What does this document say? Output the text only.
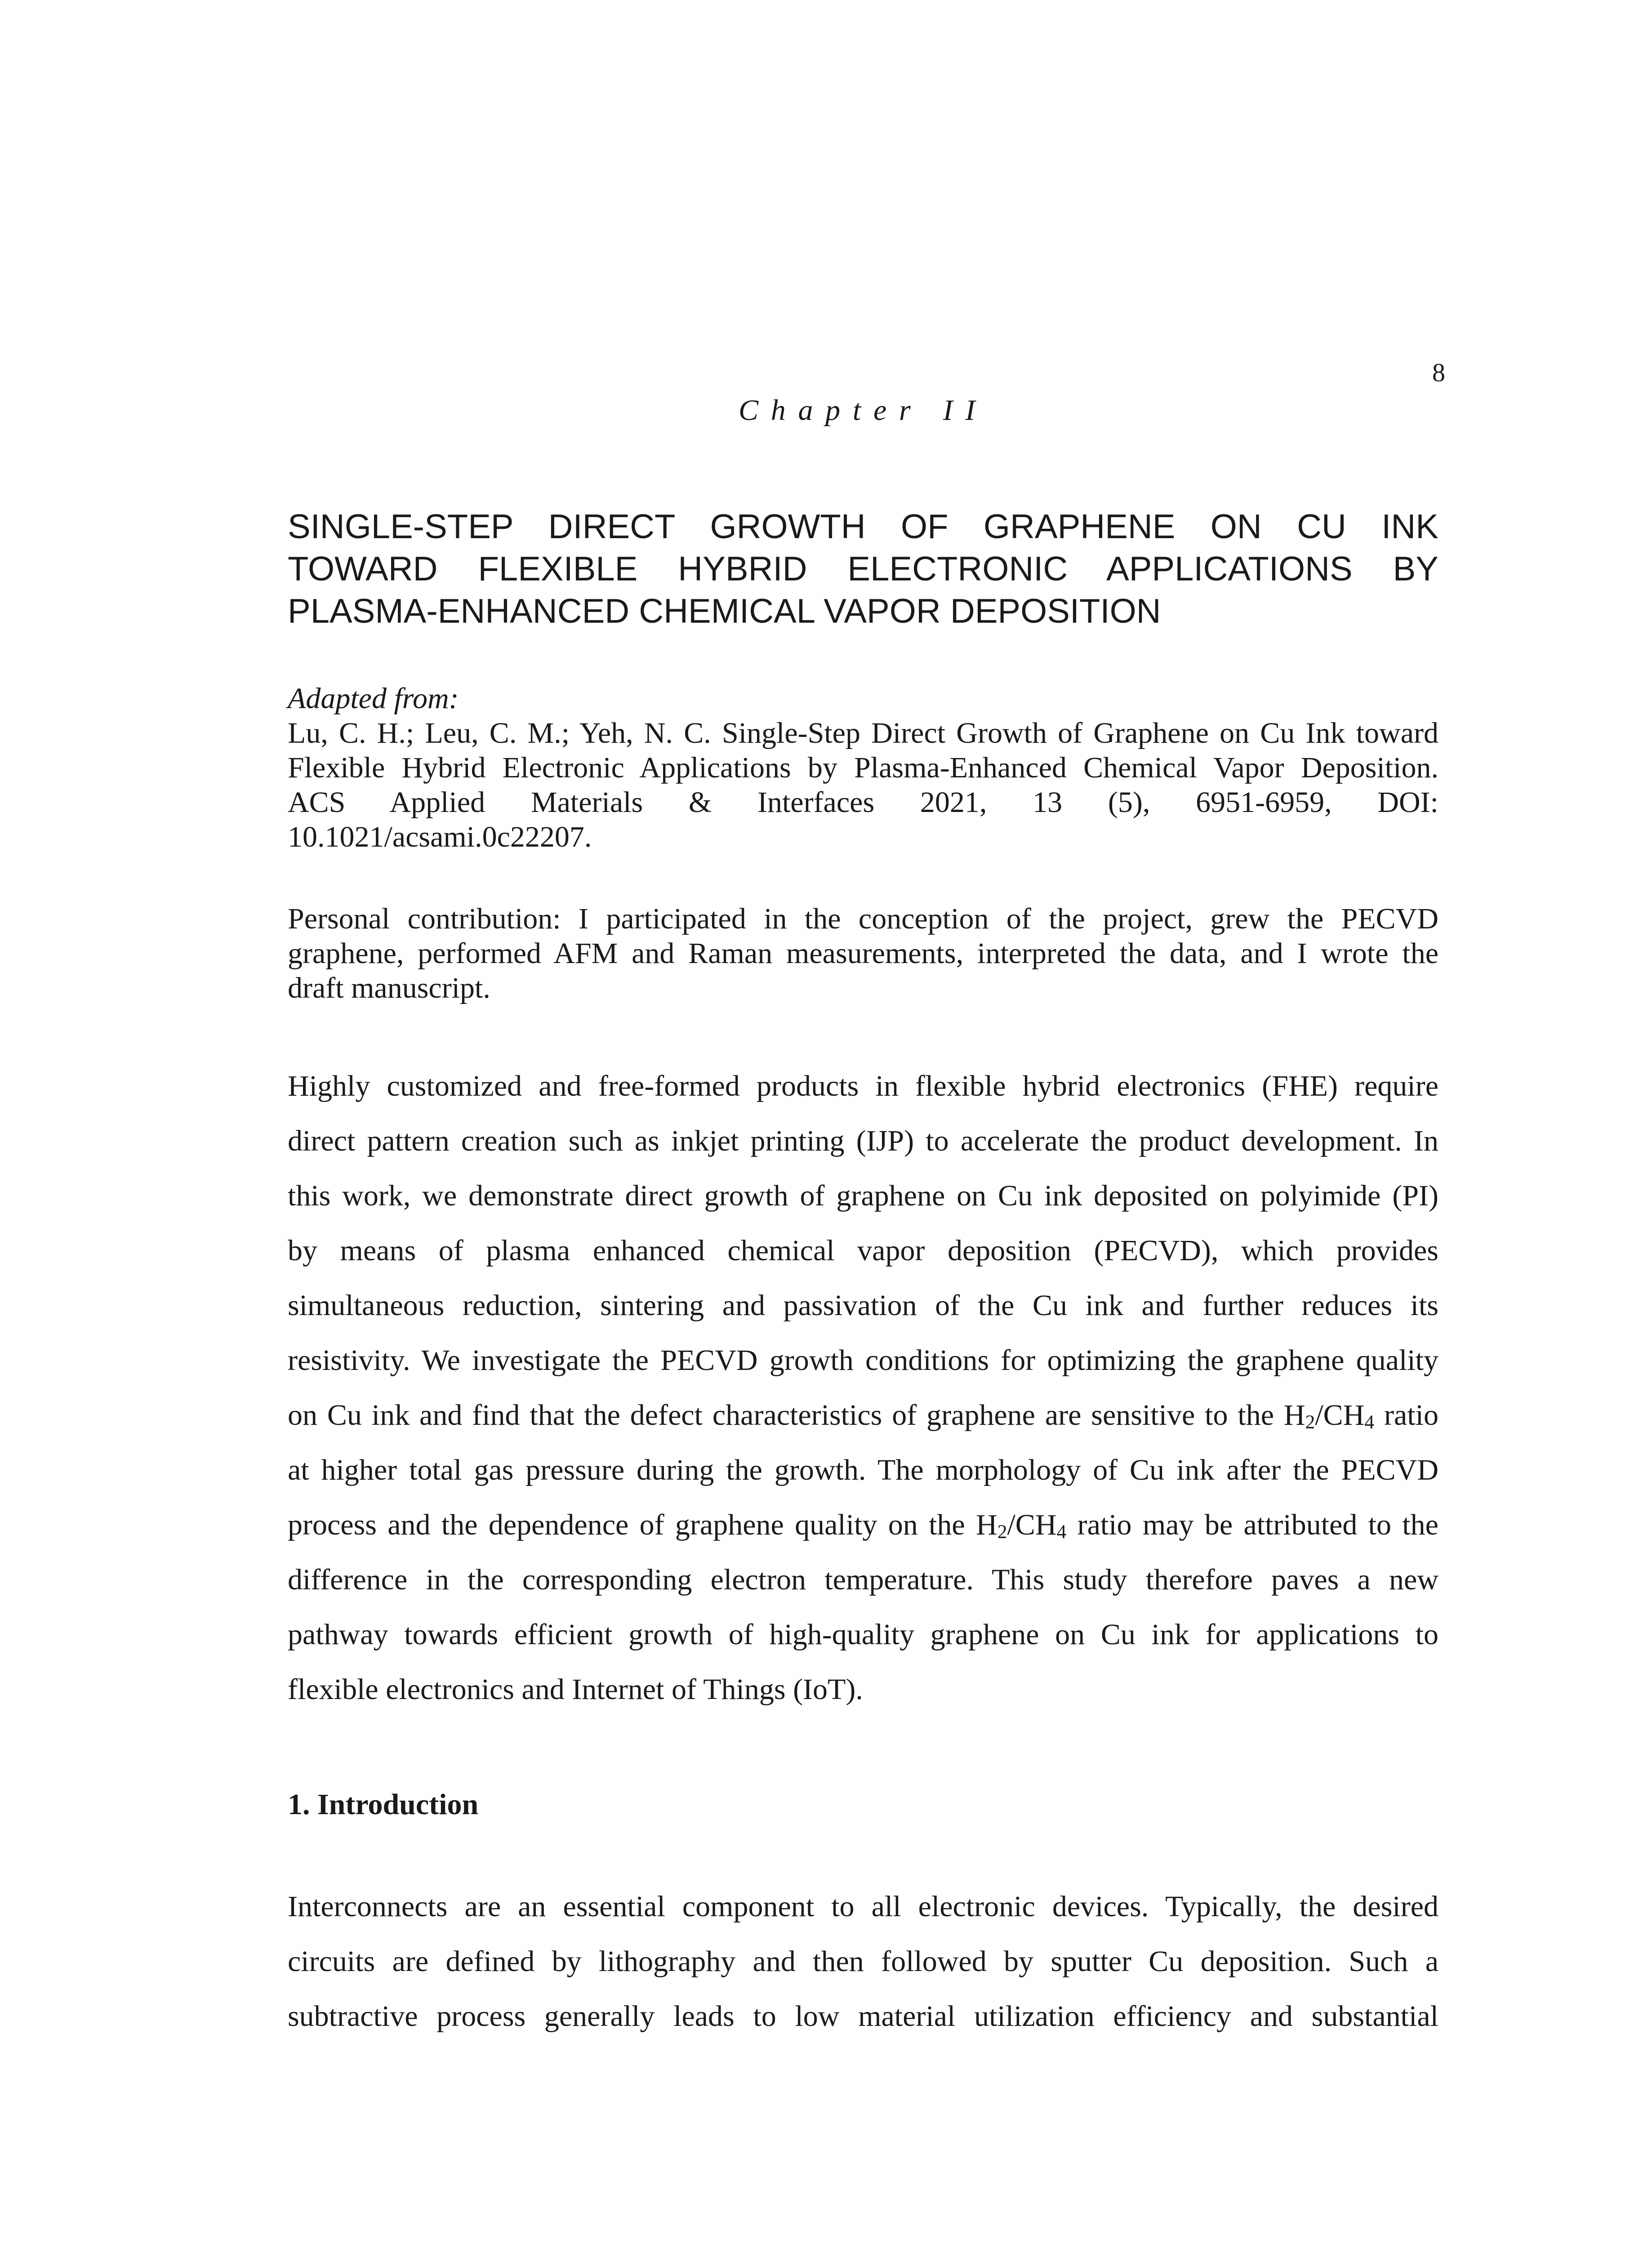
8
Chapter II
SINGLE-STEP DIRECT GROWTH OF GRAPHENE ON CU INK
TOWARD FLEXIBLE HYBRID ELECTRONIC APPLICATIONS BY
PLASMA-ENHANCED CHEMICAL VAPOR DEPOSITION
Adapted from:
Lu, C. H.; Leu, C. M.; Yeh, N. C. Single-Step Direct Growth of Graphene on Cu Ink toward
Flexible Hybrid Electronic Applications by Plasma-Enhanced Chemical Vapor Deposition.
ACS Applied Materials & Interfaces 2021, 13 (5), 6951-6959, DOI:
10.1021/acsami.0c22207.
Personal contribution: I participated in the conception of the project, grew the PECVD
graphene, performed AFM and Raman measurements, interpreted the data, and I wrote the
draft manuscript.
Highly customized and free-formed products in flexible hybrid electronics (FHE) require
direct pattern creation such as inkjet printing (IJP) to accelerate the product development. In
this work, we demonstrate direct growth of graphene on Cu ink deposited on polyimide (PI)
by means of plasma enhanced chemical vapor deposition (PECVD), which provides
simultaneous reduction, sintering and passivation of the Cu ink and further reduces its
resistivity. We investigate the PECVD growth conditions for optimizing the graphene quality
on Cu ink and find that the defect characteristics of graphene are sensitive to the $H_2/CH_4$ ratio
at higher total gas pressure during the growth. The morphology of Cu ink after the PECVD
process and the dependence of graphene quality on the $H_2/CH_4$ ratio may be attributed to the
difference in the corresponding electron temperature. This study therefore paves a new
pathway towards efficient growth of high-quality graphene on Cu ink for applications to
flexible electronics and Internet of Things (IoT).
1. Introduction
Interconnects are an essential component to all electronic devices. Typically, the desired
circuits are defined by lithography and then followed by sputter Cu deposition. Such a
subtractive process generally leads to low material utilization efficiency and substantial
